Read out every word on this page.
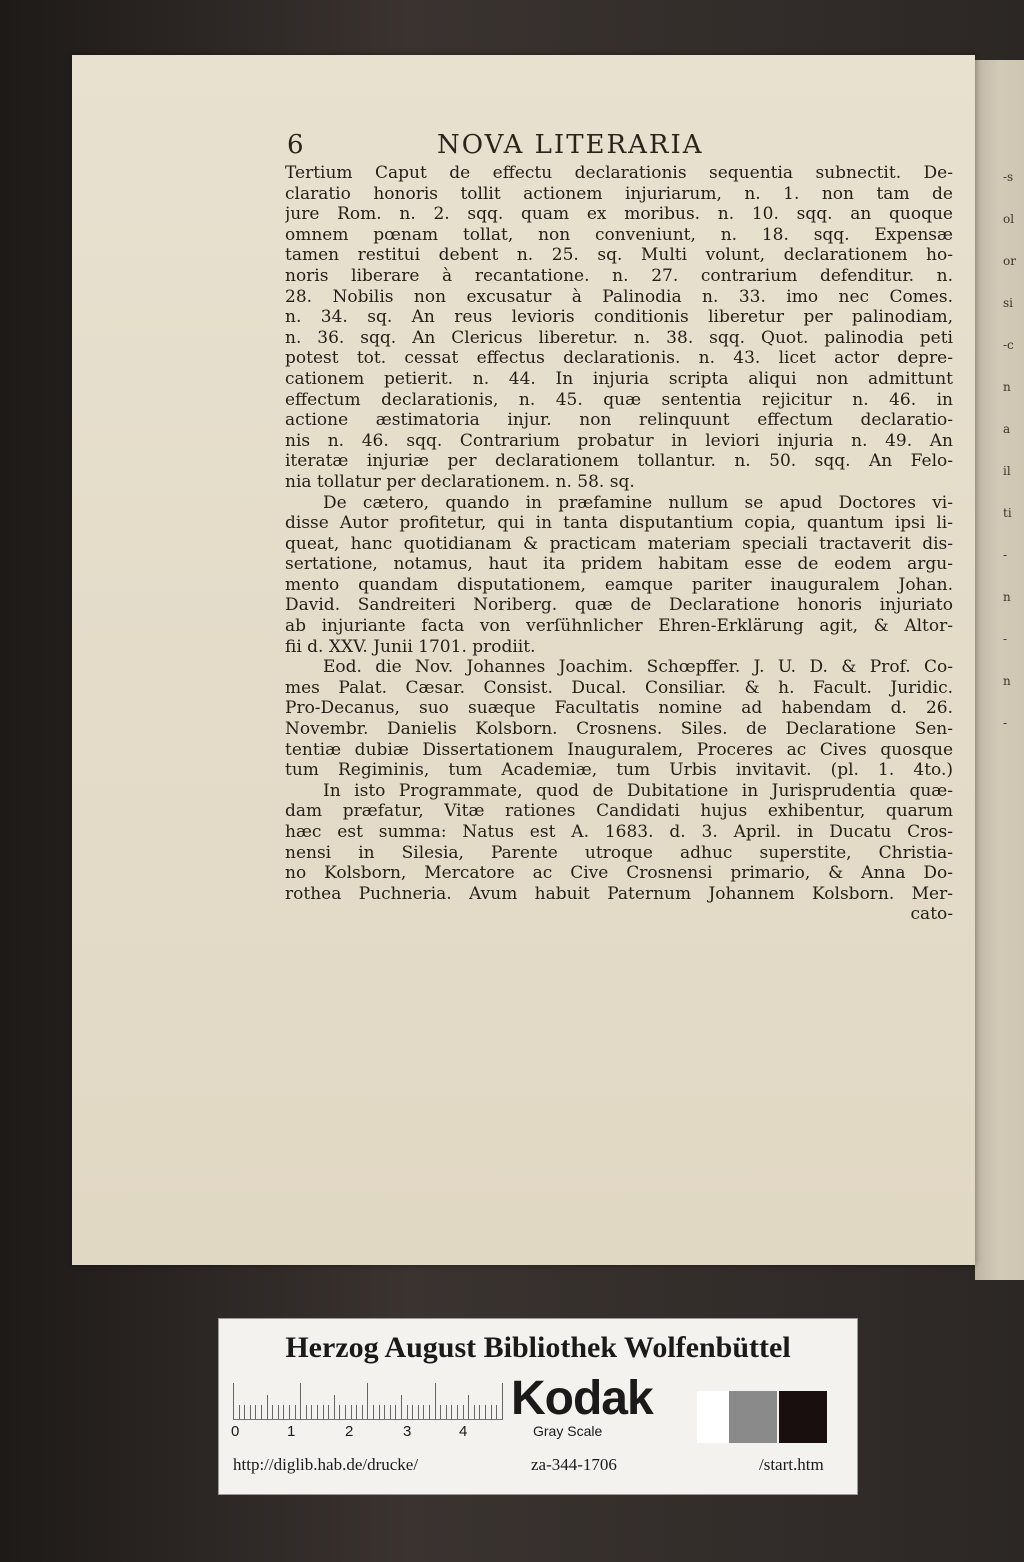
-s
ol
or
si
-c
n
a
il
ti
-
n
-
n
-
6	NOVA LITERARIA
Tertium Caput de effectu declarationis sequentia subnectit. De-
claratio honoris tollit actionem injuriarum, n. 1. non tam de
jure Rom. n. 2. sqq. quam ex moribus. n. 10. sqq. an quoque
omnem pœnam tollat, non conveniunt, n. 18. sqq. Expensæ
tamen restitui debent n. 25. sq. Multi volunt, declarationem ho-
noris liberare à recantatione. n. 27. contrarium defenditur. n.
28. Nobilis non excusatur à Palinodia n. 33. imo nec Comes.
n. 34. sq. An reus levioris conditionis liberetur per palinodiam,
n. 36. sqq. An Clericus liberetur. n. 38. sqq. Quot. palinodia peti
potest tot. cessat effectus declarationis. n. 43. licet actor depre-
cationem petierit. n. 44. In injuria scripta aliqui non admittunt
effectum declarationis, n. 45. quæ sententia rejicitur n. 46. in
actione æstimatoria injur. non relinquunt effectum declaratio-
nis n. 46. sqq. Contrarium probatur in leviori injuria n. 49. An
iteratæ injuriæ per declarationem tollantur. n. 50. sqq. An Felo-
nia tollatur per declarationem. n. 58. sq.
De cætero, quando in præfamine nullum se apud Doctores vi-
disse Autor profitetur, qui in tanta disputantium copia, quantum ipsi li-
queat, hanc quotidianam & practicam materiam speciali tractaverit dis-
sertatione, notamus, haut ita pridem habitam esse de eodem argu-
mento quandam disputationem, eamque pariter inauguralem Johan.
David. Sandreiteri Noriberg. quæ de Declaratione honoris injuriato
ab injuriante facta von verſühnlicher Ehren-Erklärung agit, & Altor-
fii d. XXV. Junii 1701. prodiit.
Eod. die Nov. Johannes Joachim. Schœpffer. J. U. D. & Prof. Co-
mes Palat. Cæsar. Consist. Ducal. Consiliar. & h. Facult. Juridic.
Pro-Decanus, suo suæque Facultatis nomine ad habendam d. 26.
Novembr. Danielis Kolsborn. Crosnens. Siles. de Declaratione Sen-
tentiæ dubiæ Dissertationem Inauguralem, Proceres ac Cives quosque
tum Regiminis, tum Academiæ, tum Urbis invitavit. (pl. 1. 4to.)
In isto Programmate, quod de Dubitatione in Jurisprudentia quæ-
dam præfatur, Vitæ rationes Candidati hujus exhibentur, quarum
hæc est summa: Natus est A. 1683. d. 3. April. in Ducatu Cros-
nensi in Silesia, Parente utroque adhuc superstite, Christia-
no Kolsborn, Mercatore ac Cive Crosnensi primario, & Anna Do-
rothea Puchneria. Avum habuit Paternum Johannem Kolsborn. Mer-
cato-
Herzog August Bibliothek Wolfenbüttel
0	1	2	3	4
Kodak
Gray Scale
http://diglib.hab.de/drucke/	za-344-1706	/start.htm
